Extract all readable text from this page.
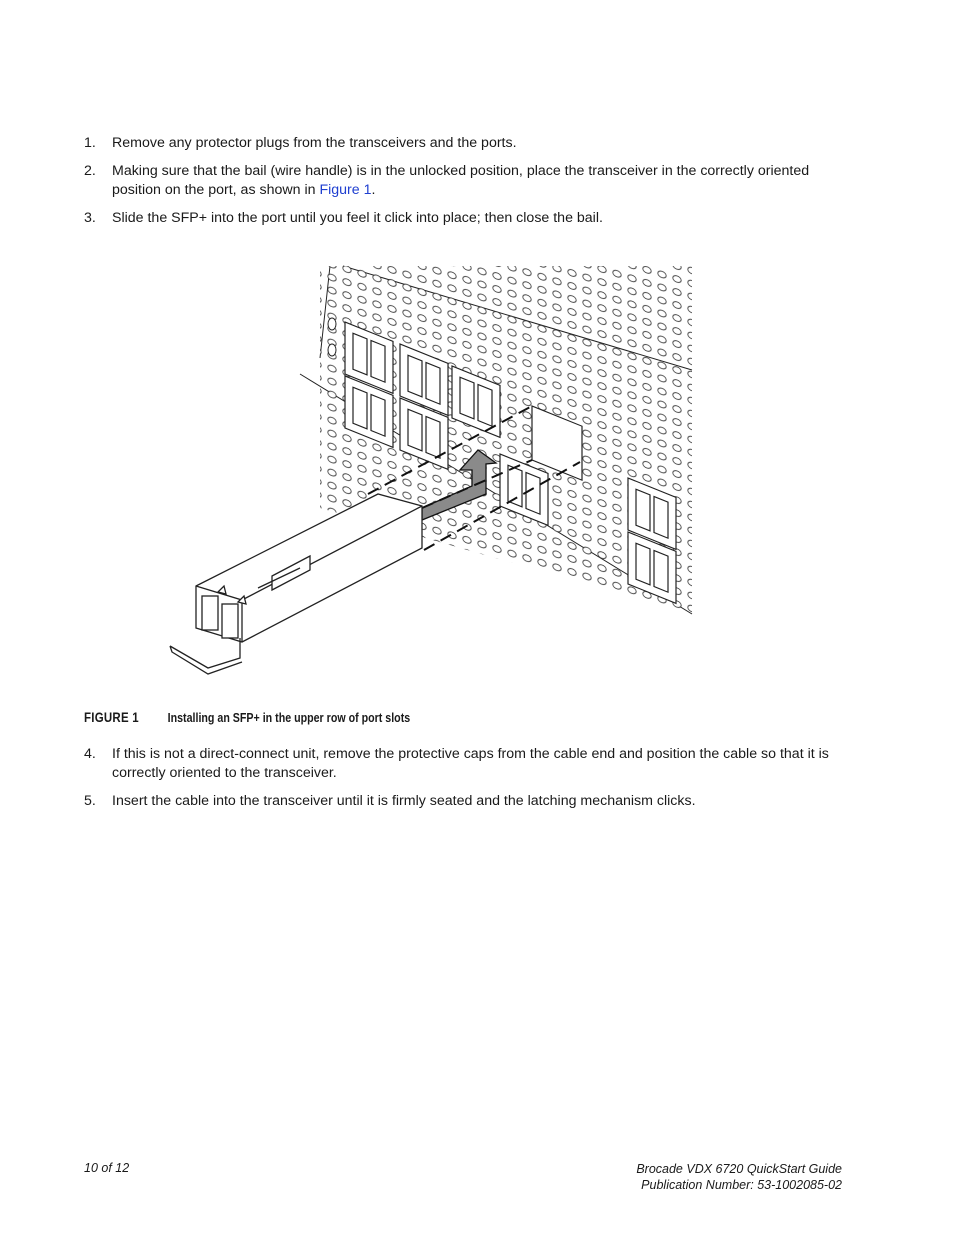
1. Remove any protector plugs from the transceivers and the ports.
2. Making sure that the bail (wire handle) is in the unlocked position, place the transceiver in the correctly oriented position on the port, as shown in Figure 1.
3. Slide the SFP+ into the port until you feel it click into place; then close the bail.
FIGURE 1 Installing an SFP+ in the upper row of port slots
4. If this is not a direct-connect unit, remove the protective caps from the cable end and position the cable so that it is correctly oriented to the transceiver.
5. Insert the cable into the transceiver until it is firmly seated and the latching mechanism clicks.
10 of 12	Brocade VDX 6720 QuickStart Guide
Publication Number: 53-1002085-02
